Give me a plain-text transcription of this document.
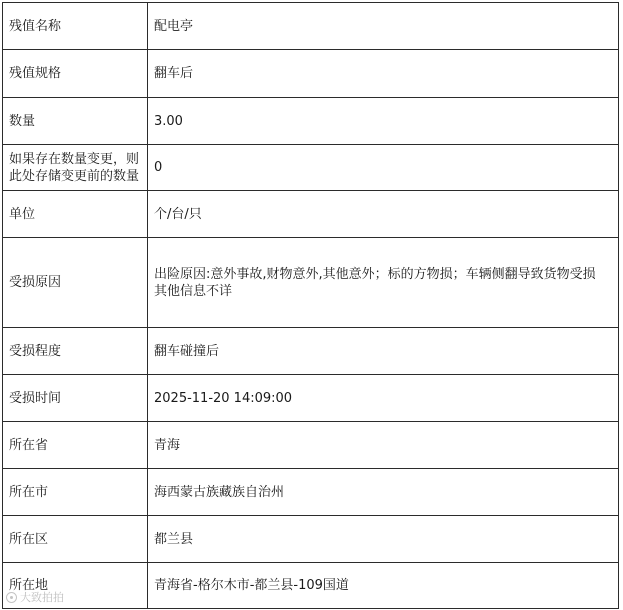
残值名称	配电亭
残值规格	翻车后
数量	3.00
如果存在数量变更，则此处存储变更前的数量	0
单位	个/台/只
受损原因	出险原因:意外事故,财物意外,其他意外；标的方物损；车辆侧翻导致货物受损 其他信息不详
受损程度	翻车碰撞后
受损时间	2025-11-20 14:09:00
所在省	青海
所在市	海西蒙古族藏族自治州
所在区	都兰县
所在地	青海省-格尔木市-都兰县-109国道
大致拍拍
